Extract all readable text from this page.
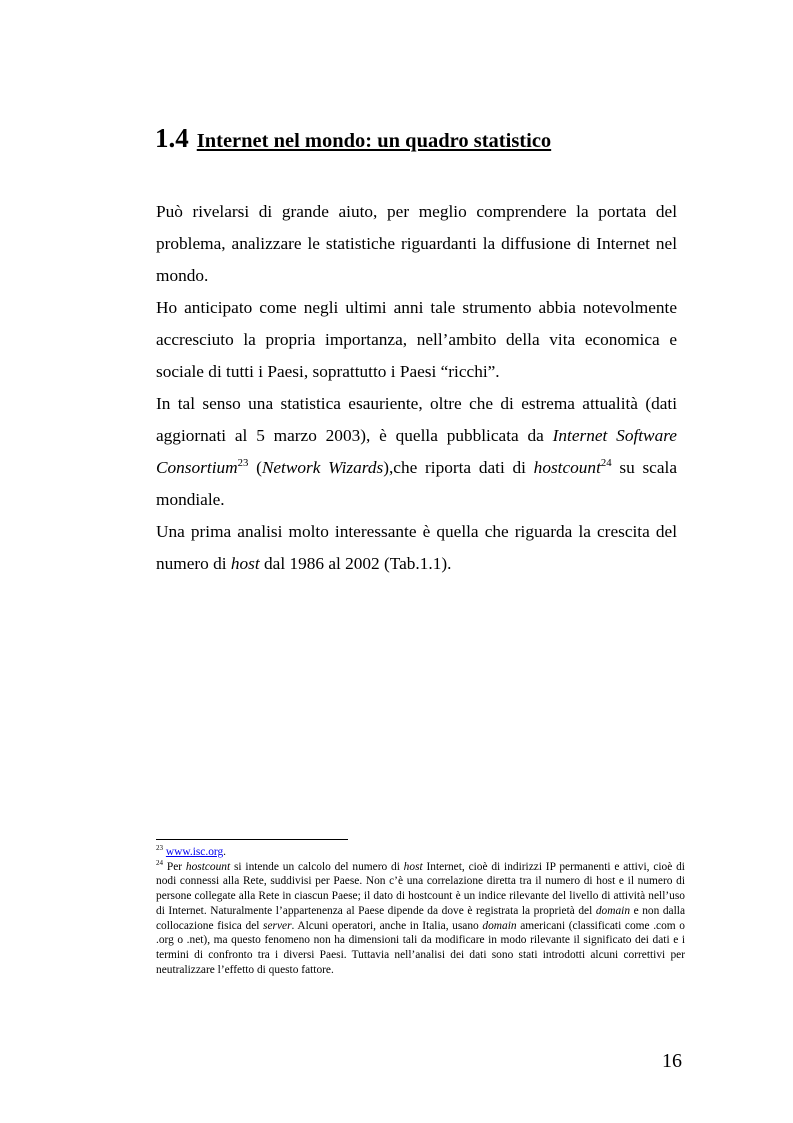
1.4 Internet nel mondo: un quadro statistico

Può rivelarsi di grande aiuto, per meglio comprendere la portata del problema, analizzare le statistiche riguardanti la diffusione di Internet nel mondo.

Ho anticipato come negli ultimi anni tale strumento abbia notevolmente accresciuto la propria importanza, nell’ambito della vita economica e sociale di tutti i Paesi, soprattutto i Paesi “ricchi”.

In tal senso una statistica esauriente, oltre che di estrema attualità (dati aggiornati al 5 marzo 2003), è quella pubblicata da Internet Software Consortium$^{23}$ (Network Wizards),che riporta dati di hostcount$^{24}$ su scala mondiale.

Una prima analisi molto interessante è quella che riguarda la crescita del numero di host dal 1986 al 2002 (Tab.1.1).

$^{23}$ www.isc.org.

$^{24}$ Per hostcount si intende un calcolo del numero di host Internet, cioè di indirizzi IP permanenti e attivi, cioè di nodi connessi alla Rete, suddivisi per Paese. Non c’è una correlazione diretta tra il numero di host e il numero di persone collegate alla Rete in ciascun Paese; il dato di hostcount è un indice rilevante del livello di attività nell’uso di Internet. Naturalmente l’appartenenza al Paese dipende da dove è registrata la proprietà del domain e non dalla collocazione fisica del server. Alcuni operatori, anche in Italia, usano domain americani (classificati come .com o .org o .net), ma questo fenomeno non ha dimensioni tali da modificare in modo rilevante il significato dei dati e i termini di confronto tra i diversi Paesi. Tuttavia nell’analisi dei dati sono stati introdotti alcuni correttivi per neutralizzare l’effetto di questo fattore.

16
